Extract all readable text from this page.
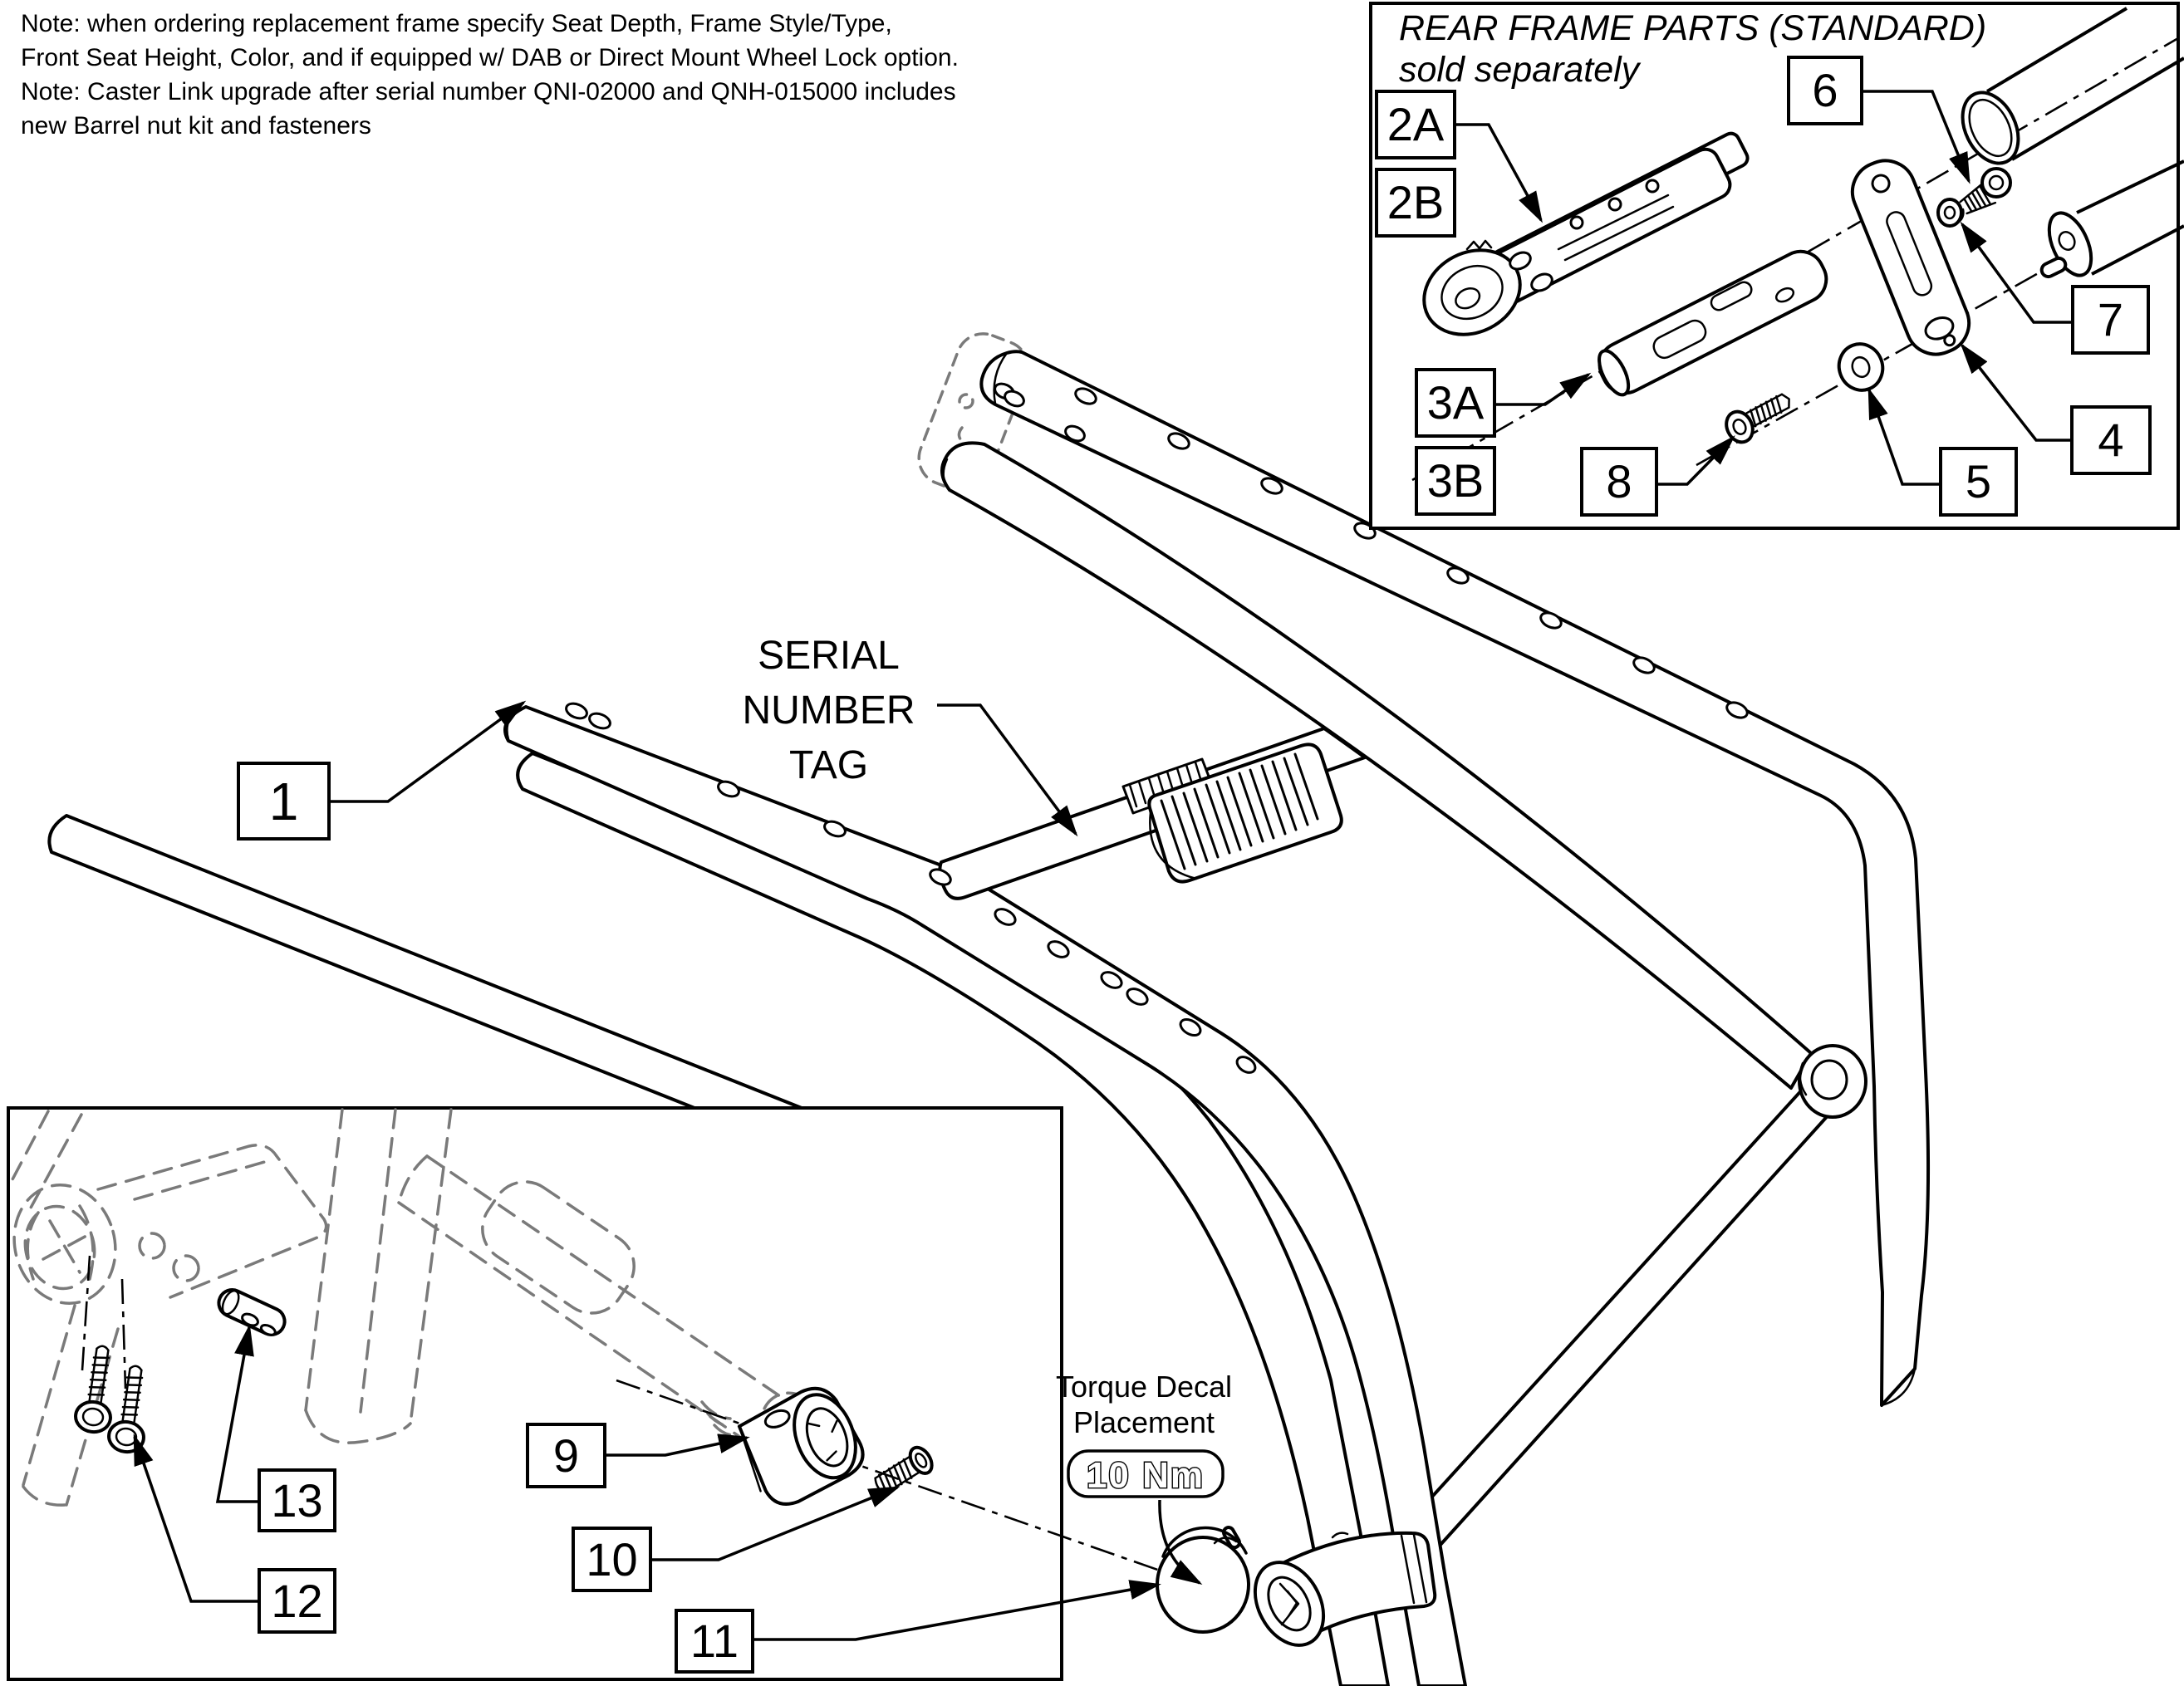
10 Nm
Note: when ordering replacement frame specify Seat Depth, Frame Style/Type,
Front Seat Height, Color, and if equipped w/ DAB or Direct Mount Wheel Lock option.
Note: Caster Link upgrade after serial number QNI-02000 and QNH-015000 includes
new Barrel nut kit and fasteners
REAR FRAME PARTS (STANDARD)
sold separately
SERIAL
NUMBER
TAG
Torque Decal
Placement
1
2A
2B
3A
3B
6
7
4
5
8
9
10
11
12
13
